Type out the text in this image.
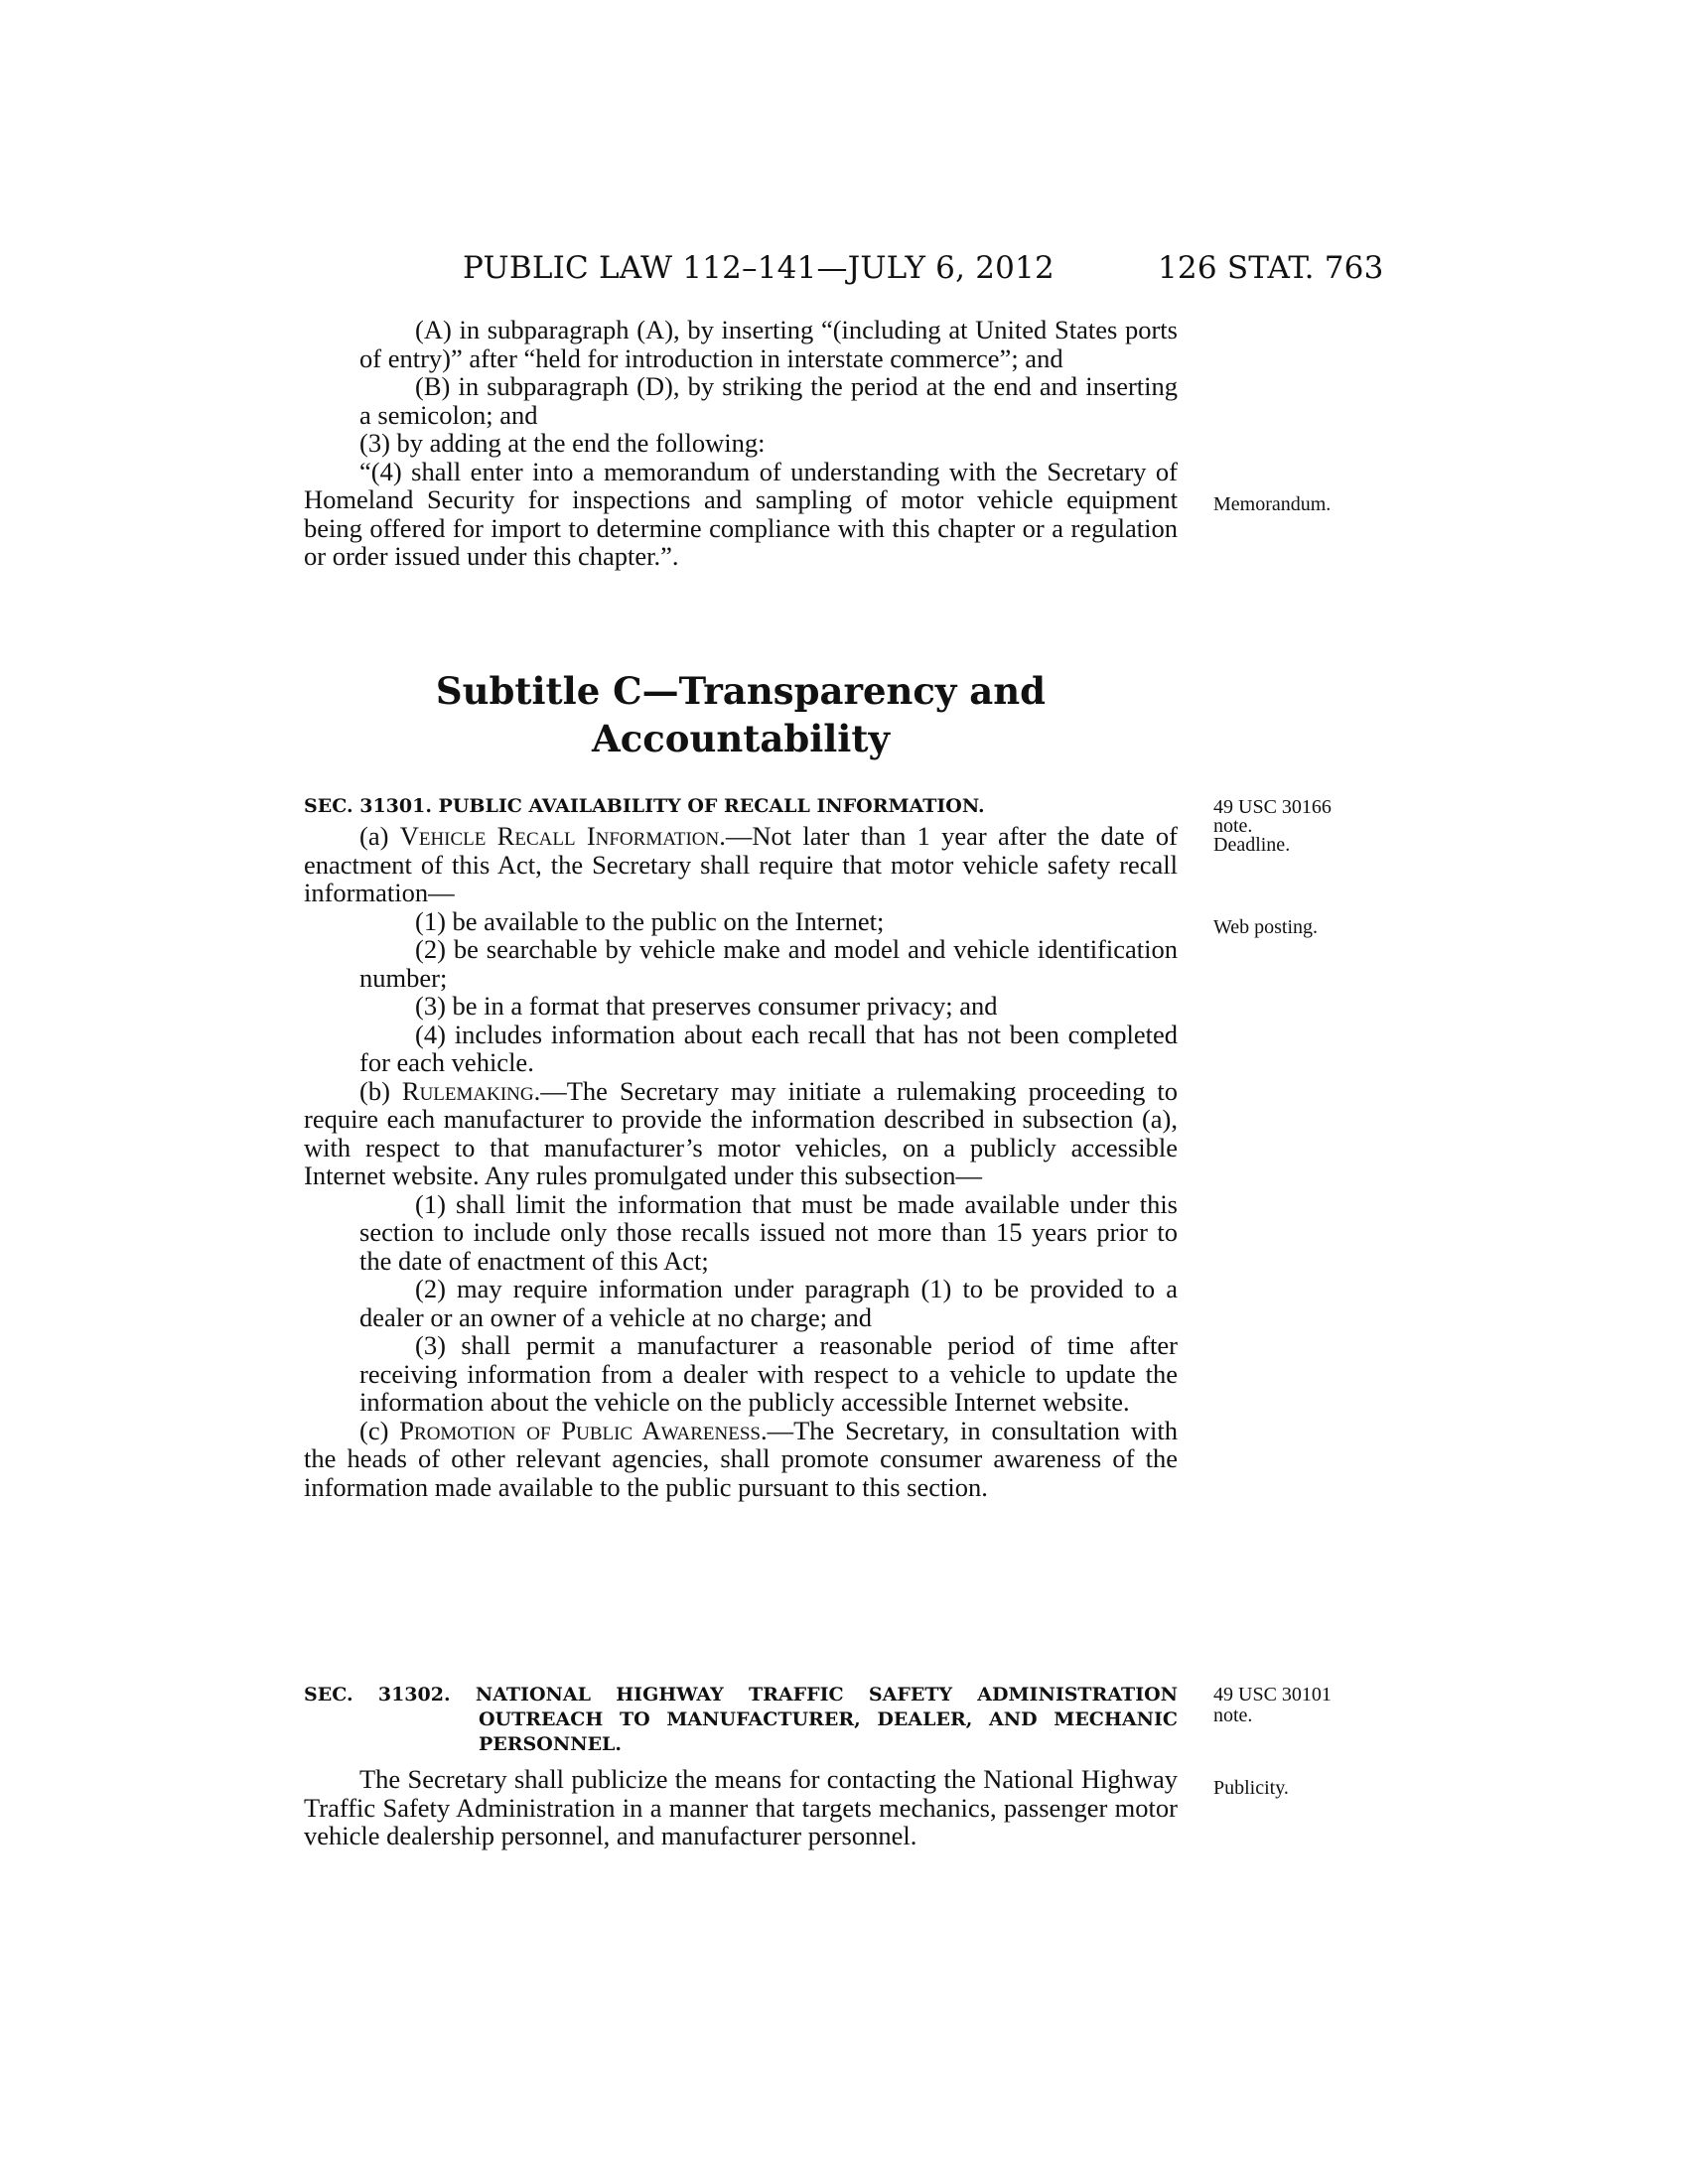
PUBLIC LAW 112–141—JULY 6, 2012	126 STAT. 763

(A) in subparagraph (A), by inserting “(including at United States ports of entry)” after “held for introduction in interstate commerce”; and

(B) in subparagraph (D), by striking the period at the end and inserting a semicolon; and

(3) by adding at the end the following:

“(4) shall enter into a memorandum of understanding with the Secretary of Homeland Security for inspections and sampling of motor vehicle equipment being offered for import to determine compliance with this chapter or a regulation or order issued under this chapter.”.

Subtitle C—Transparency and
Accountability

SEC. 31301. PUBLIC AVAILABILITY OF RECALL INFORMATION.

(a) Vehicle Recall Information.—Not later than 1 year after the date of enactment of this Act, the Secretary shall require that motor vehicle safety recall information—

(1) be available to the public on the Internet;

(2) be searchable by vehicle make and model and vehicle identification number;

(3) be in a format that preserves consumer privacy; and

(4) includes information about each recall that has not been completed for each vehicle.

(b) Rulemaking.—The Secretary may initiate a rulemaking proceeding to require each manufacturer to provide the information described in subsection (a), with respect to that manufacturer’s motor vehicles, on a publicly accessible Internet website. Any rules promulgated under this subsection—

(1) shall limit the information that must be made available under this section to include only those recalls issued not more than 15 years prior to the date of enactment of this Act;

(2) may require information under paragraph (1) to be provided to a dealer or an owner of a vehicle at no charge; and

(3) shall permit a manufacturer a reasonable period of time after receiving information from a dealer with respect to a vehicle to update the information about the vehicle on the publicly accessible Internet website.

(c) Promotion of Public Awareness.—The Secretary, in consultation with the heads of other relevant agencies, shall promote consumer awareness of the information made available to the public pursuant to this section.

SEC. 31302. NATIONAL HIGHWAY TRAFFIC SAFETY ADMINISTRATION OUTREACH TO MANUFACTURER, DEALER, AND MECHANIC PERSONNEL.

The Secretary shall publicize the means for contacting the National Highway Traffic Safety Administration in a manner that targets mechanics, passenger motor vehicle dealership personnel, and manufacturer personnel.

Memorandum.
49 USC 30166
note.
Deadline.
Web posting.
49 USC 30101
note.
Publicity.
